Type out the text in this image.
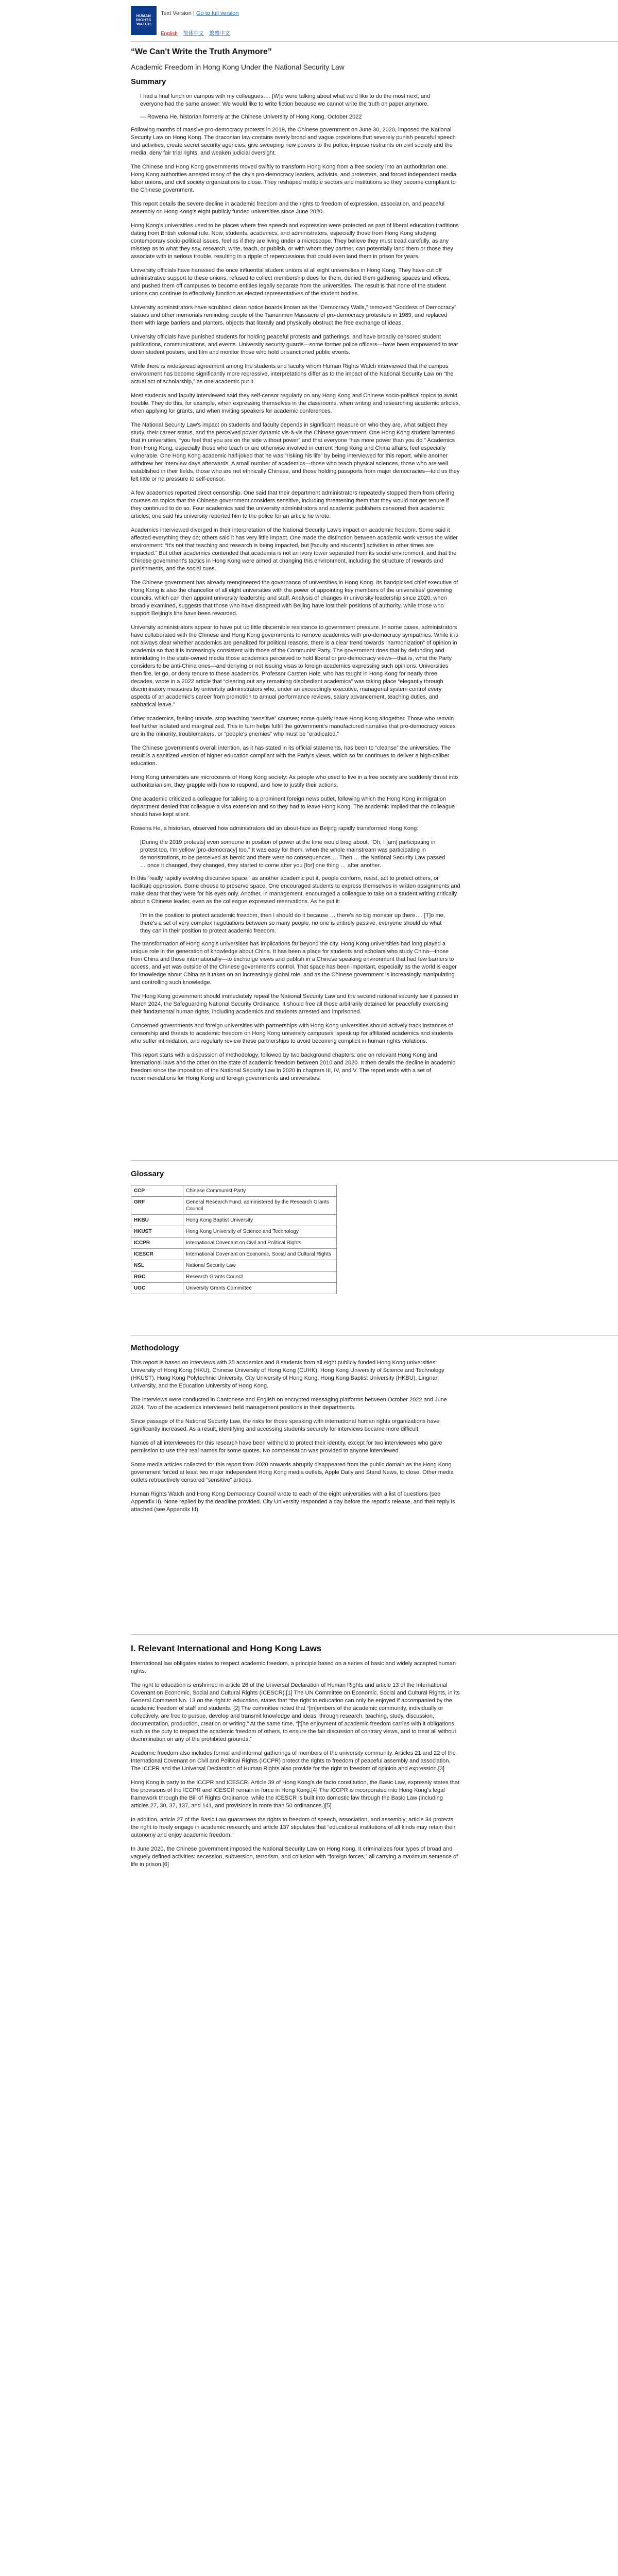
HUMAN RIGHTS WATCH
Text Version | Go to full version
English 简体中文 繁體中文
“We Can't Write the Truth Anymore”
Academic Freedom in Hong Kong Under the National Security Law
Summary

I had a final lunch on campus with my colleagues…. [W]e were talking about what we'd like to do the most next, and everyone had the same answer: We would like to write fiction because we cannot write the truth on paper anymore.

— Rowena He, historian formerly at the Chinese University of Hong Kong, October 2022

Following months of massive pro-democracy protests in 2019, the Chinese government on June 30, 2020, imposed the National Security Law on Hong Kong. The draconian law contains overly broad and vague provisions that severely punish peaceful speech and activities, create secret security agencies, give sweeping new powers to the police, impose restraints on civil society and the media, deny fair trial rights, and weaken judicial oversight.

The Chinese and Hong Kong governments moved swiftly to transform Hong Kong from a free society into an authoritarian one. Hong Kong authorities arrested many of the city's pro-democracy leaders, activists, and protesters, and forced independent media, labor unions, and civil society organizations to close. They reshaped multiple sectors and institutions so they become compliant to the Chinese government.

This report details the severe decline in academic freedom and the rights to freedom of expression, association, and peaceful assembly on Hong Kong's eight publicly funded universities since June 2020.

Hong Kong's universities used to be places where free speech and expression were protected as part of liberal education traditions dating from British colonial rule. Now, students, academics, and administrators, especially those from Hong Kong studying contemporary socio-political issues, feel as if they are living under a microscope. They believe they must tread carefully, as any misstep as to what they say, research, write, teach, or publish, or with whom they partner, can potentially land them or those they associate with in serious trouble, resulting in a ripple of repercussions that could even land them in prison for years.

University officials have harassed the once influential student unions at all eight universities in Hong Kong. They have cut off administrative support to these unions, refused to collect membership dues for them, denied them gathering spaces and offices, and pushed them off campuses to become entities legally separate from the universities. The result is that none of the student unions can continue to effectively function as elected representatives of the student bodies.

University administrators have scrubbed clean notice boards known as the “Democracy Walls,” removed “Goddess of Democracy” statues and other memorials reminding people of the Tiananmen Massacre of pro-democracy protesters in 1989, and replaced them with large barriers and planters, objects that literally and physically obstruct the free exchange of ideas.

University officials have punished students for holding peaceful protests and gatherings, and have broadly censored student publications, communications, and events. University security guards—some former police officers—have been empowered to tear down student posters, and film and monitor those who hold unsanctioned public events.

While there is widespread agreement among the students and faculty whom Human Rights Watch interviewed that the campus environment has become significantly more repressive, interpretations differ as to the impact of the National Security Law on “the actual act of scholarship,” as one academic put it.

Most students and faculty interviewed said they self-censor regularly on any Hong Kong and Chinese socio-political topics to avoid trouble. They do this, for example, when expressing themselves in the classrooms, when writing and researching academic articles, when applying for grants, and when inviting speakers for academic conferences.

The National Security Law's impact on students and faculty depends in significant measure on who they are, what subject they study, their career status, and the perceived power dynamic vis-à-vis the Chinese government. One Hong Kong student lamented that in universities, “you feel that you are on the side without power” and that everyone “has more power than you do.” Academics from Hong Kong, especially those who teach or are otherwise involved in current Hong Kong and China affairs, feel especially vulnerable. One Hong Kong academic half-joked that he was “risking his life” by being interviewed for this report, while another withdrew her interview days afterwards. A small number of academics—those who teach physical sciences, those who are well established in their fields, those who are not ethnically Chinese, and those holding passports from major democracies—told us they felt little or no pressure to self-censor.

A few academics reported direct censorship. One said that their department administrators repeatedly stopped them from offering courses on topics that the Chinese government considers sensitive, including threatening them that they would not get tenure if they continued to do so. Four academics said the university administrators and academic publishers censored their academic articles; one said his university reported him to the police for an article he wrote.

Academics interviewed diverged in their interpretation of the National Security Law's impact on academic freedom. Some said it affected everything they do; others said it has very little impact. One made the distinction between academic work versus the wider environment: “It's not that teaching and research is being impacted, but [faculty and students'] activities in other times are impacted.” But other academics contended that academia is not an ivory tower separated from its social environment, and that the Chinese government's tactics in Hong Kong were aimed at changing this environment, including the structure of rewards and punishments, and the social cues.

The Chinese government has already reengineered the governance of universities in Hong Kong. Its handpicked chief executive of Hong Kong is also the chancellor of all eight universities with the power of appointing key members of the universities' governing councils, which can then appoint university leadership and staff. Analysis of changes in university leadership since 2020, when broadly examined, suggests that those who have disagreed with Beijing have lost their positions of authority, while those who support Beijing's line have been rewarded.

University administrators appear to have put up little discernible resistance to government pressure. In some cases, administrators have collaborated with the Chinese and Hong Kong governments to remove academics with pro-democracy sympathies. While it is not always clear whether academics are penalized for political reasons, there is a clear trend towards “harmonization” of opinion in academia so that it is increasingly consistent with those of the Communist Party. The government does that by defunding and intimidating in the state-owned media those academics perceived to hold liberal or pro-democracy views—that is, what the Party considers to be anti-China ones—and denying or not issuing visas to foreign academics expressing such opinions. Universities then fire, let go, or deny tenure to these academics. Professor Carsten Holz, who has taught in Hong Kong for nearly three decades, wrote in a 2022 article that “clearing out any remaining disobedient academics” was taking place “elegantly through discriminatory measures by university administrators who, under an exceedingly executive, managerial system control every aspects of an academic's career from promotion to annual performance reviews, salary advancement, teaching duties, and sabbatical leave.”

Other academics, feeling unsafe, stop teaching “sensitive” courses; some quietly leave Hong Kong altogether. Those who remain feel further isolated and marginalized. This in turn helps fulfill the government's manufactured narrative that pro-democracy voices are in the minority, troublemakers, or “people's enemies” who must be “eradicated.”

The Chinese government's overall intention, as it has stated in its official statements, has been to “cleanse” the universities. The result is a sanitized version of higher education compliant with the Party's views, which so far continues to deliver a high-caliber education.

Hong Kong universities are microcosms of Hong Kong society: As people who used to live in a free society are suddenly thrust into authoritarianism, they grapple with how to respond, and how to justify their actions.

One academic criticized a colleague for talking to a prominent foreign news outlet, following which the Hong Kong immigration department denied that colleague a visa extension and so they had to leave Hong Kong. The academic implied that the colleague should have kept silent.

Rowena He, a historian, observed how administrators did an about-face as Beijing rapidly transformed Hong Kong:

[During the 2019 protests] even someone in position of power at the time would brag about, “Oh, I [am] participating in protest too, I'm yellow [pro-democracy] too.” It was easy for them, when the whole mainstream was participating in demonstrations, to be perceived as heroic and there were no consequences…. Then … the National Security Law passed … once it changed, they changed, they started to come after you [for] one thing … after another.

In this “really rapidly evolving discursive space,” as another academic put it, people conform, resist, act to protect others, or facilitate oppression. Some choose to preserve space. One encouraged students to express themselves in written assignments and make clear that they were for his eyes only. Another, in management, encouraged a colleague to take on a student writing critically about a Chinese leader, even as the colleague expressed reservations. As he put it:

I'm in the position to protect academic freedom, then I should do it because … there's no big monster up there…. [T]o me, there's a set of very complex negotiations between so many people, no one is entirely passive, everyone should do what they can in their position to protect academic freedom.

The transformation of Hong Kong's universities has implications far beyond the city. Hong Kong universities had long played a unique role in the generation of knowledge about China. It has been a place for students and scholars who study China—those from China and those internationally—to exchange views and publish in a Chinese speaking environment that had few barriers to access, and yet was outside of the Chinese government's control. That space has been important, especially as the world is eager for knowledge about China as it takes on an increasingly global role, and as the Chinese government is increasingly manipulating and controlling such knowledge.

The Hong Kong government should immediately repeal the National Security Law and the second national security law it passed in March 2024, the Safeguarding National Security Ordinance. It should free all those arbitrarily detained for peacefully exercising their fundamental human rights, including academics and students arrested and imprisoned.

Concerned governments and foreign universities with partnerships with Hong Kong universities should actively track instances of censorship and threats to academic freedom on Hong Kong university campuses, speak up for affiliated academics and students who suffer intimidation, and regularly review these partnerships to avoid becoming complicit in human rights violations.

This report starts with a discussion of methodology, followed by two background chapters: one on relevant Hong Kong and international laws and the other on the state of academic freedom between 2010 and 2020. It then details the decline in academic freedom since the imposition of the National Security Law in 2020 in chapters III, IV, and V. The report ends with a set of recommendations for Hong Kong and foreign governments and universities.

Glossary
CCP	Chinese Communist Party
GRF	General Research Fund, administered by the Research Grants Council
HKBU	Hong Kong Baptist University
HKUST	Hong Kong University of Science and Technology
ICCPR	International Covenant on Civil and Political Rights
ICESCR	International Covenant on Economic, Social and Cultural Rights
NSL	National Security Law
RGC	Research Grants Council
UGC	University Grants Committee
Methodology

This report is based on interviews with 25 academics and 8 students from all eight publicly funded Hong Kong universities: University of Hong Kong (HKU), Chinese University of Hong Kong (CUHK), Hong Kong University of Science and Technology (HKUST), Hong Kong Polytechnic University, City University of Hong Kong, Hong Kong Baptist University (HKBU), Lingnan University, and the Education University of Hong Kong.

The interviews were conducted in Cantonese and English on encrypted messaging platforms between October 2022 and June 2024. Two of the academics interviewed held management positions in their departments.

Since passage of the National Security Law, the risks for those speaking with international human rights organizations have significantly increased. As a result, identifying and accessing students securely for interviews became more difficult.

Names of all interviewees for this research have been withheld to protect their identity, except for two interviewees who gave permission to use their real names for some quotes. No compensation was provided to anyone interviewed.

Some media articles collected for this report from 2020 onwards abruptly disappeared from the public domain as the Hong Kong government forced at least two major independent Hong Kong media outlets, Apple Daily and Stand News, to close. Other media outlets retroactively censored “sensitive” articles.

Human Rights Watch and Hong Kong Democracy Council wrote to each of the eight universities with a list of questions (see Appendix II). None replied by the deadline provided. City University responded a day before the report's release, and their reply is attached (see Appendix III).

I. Relevant International and Hong Kong Laws

International law obligates states to respect academic freedom, a principle based on a series of basic and widely accepted human rights.

The right to education is enshrined in article 26 of the Universal Declaration of Human Rights and article 13 of the International Covenant on Economic, Social and Cultural Rights (ICESCR).[1] The UN Committee on Economic, Social and Cultural Rights, in its General Comment No. 13 on the right to education, states that “the right to education can only be enjoyed if accompanied by the academic freedom of staff and students.”[2] The committee noted that “[m]embers of the academic community, individually or collectively, are free to pursue, develop and transmit knowledge and ideas, through research, teaching, study, discussion, documentation, production, creation or writing.” At the same time, “[t]he enjoyment of academic freedom carries with it obligations, such as the duty to respect the academic freedom of others, to ensure the fair discussion of contrary views, and to treat all without discrimination on any of the prohibited grounds.”

Academic freedom also includes formal and informal gatherings of members of the university community. Articles 21 and 22 of the International Covenant on Civil and Political Rights (ICCPR) protect the rights to freedom of peaceful assembly and association. The ICCPR and the Universal Declaration of Human Rights also provide for the right to freedom of opinion and expression.[3]

Hong Kong is party to the ICCPR and ICESCR. Article 39 of Hong Kong's de facto constitution, the Basic Law, expressly states that the provisions of the ICCPR and ICESCR remain in force in Hong Kong.[4] The ICCPR is incorporated into Hong Kong's legal framework through the Bill of Rights Ordinance, while the ICESCR is built into domestic law through the Basic Law (including articles 27, 30, 37, 137, and 141, and provisions in more than 50 ordinances.)[5]

In addition, article 27 of the Basic Law guarantees the rights to freedom of speech, association, and assembly; article 34 protects the right to freely engage in academic research; and article 137 stipulates that “educational institutions of all kinds may retain their autonomy and enjoy academic freedom.”

In June 2020, the Chinese government imposed the National Security Law on Hong Kong. It criminalizes four types of broad and vaguely defined activities: secession, subversion, terrorism, and collusion with “foreign forces,” all carrying a maximum sentence of life in prison.[6]
